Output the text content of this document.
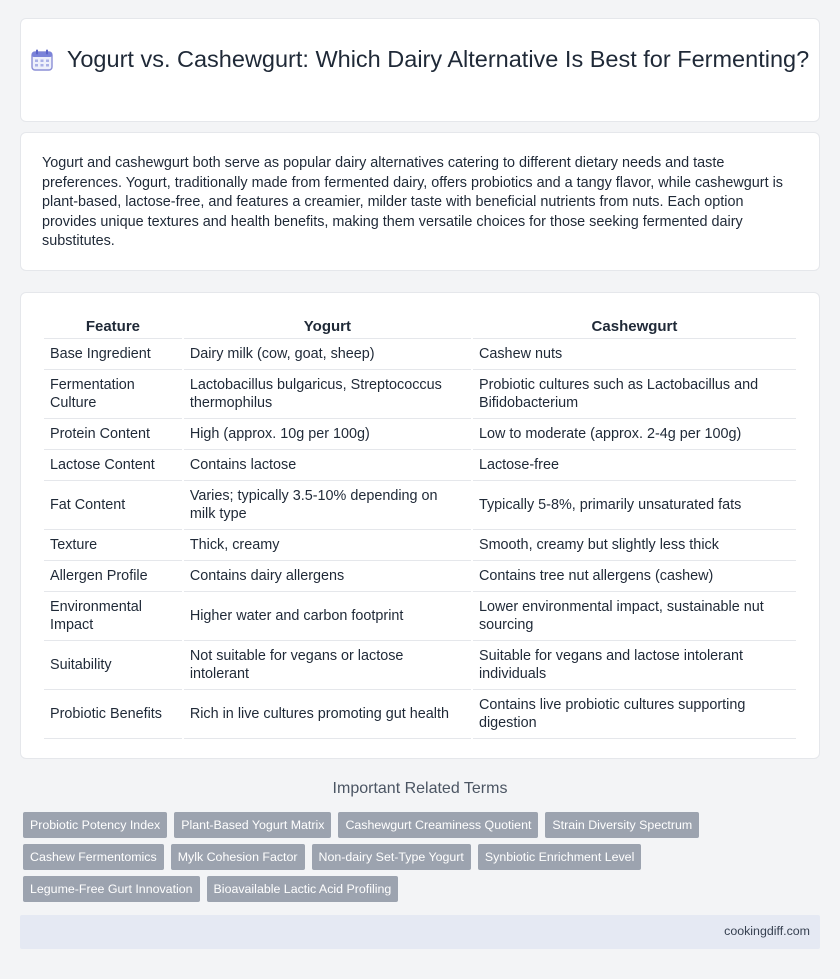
Yogurt vs. Cashewgurt: Which Dairy Alternative Is Best for Fermenting?

Yogurt and cashewgurt both serve as popular dairy alternatives catering to different dietary needs and taste preferences. Yogurt, traditionally made from fermented dairy, offers probiotics and a tangy flavor, while cashewgurt is plant-based, lactose-free, and features a creamier, milder taste with beneficial nutrients from nuts. Each option provides unique textures and health benefits, making them versatile choices for those seeking fermented dairy substitutes.

Feature	Yogurt	Cashewgurt
Base Ingredient	Dairy milk (cow, goat, sheep)	Cashew nuts
Fermentation Culture	Lactobacillus bulgaricus, Streptococcus thermophilus	Probiotic cultures such as Lactobacillus and Bifidobacterium
Protein Content	High (approx. 10g per 100g)	Low to moderate (approx. 2-4g per 100g)
Lactose Content	Contains lactose	Lactose-free
Fat Content	Varies; typically 3.5-10% depending on milk type	Typically 5-8%, primarily unsaturated fats
Texture	Thick, creamy	Smooth, creamy but slightly less thick
Allergen Profile	Contains dairy allergens	Contains tree nut allergens (cashew)
Environmental Impact	Higher water and carbon footprint	Lower environmental impact, sustainable nut sourcing
Suitability	Not suitable for vegans or lactose intolerant	Suitable for vegans and lactose intolerant individuals
Probiotic Benefits	Rich in live cultures promoting gut health	Contains live probiotic cultures supporting digestion
Important Related Terms
Probiotic Potency Index	Plant-Based Yogurt Matrix	Cashewgurt Creaminess Quotient	Strain Diversity Spectrum
Cashew Fermentomics	Mylk Cohesion Factor	Non-dairy Set-Type Yogurt	Synbiotic Enrichment Level
Legume-Free Gurt Innovation	Bioavailable Lactic Acid Profiling
cookingdiff.com
